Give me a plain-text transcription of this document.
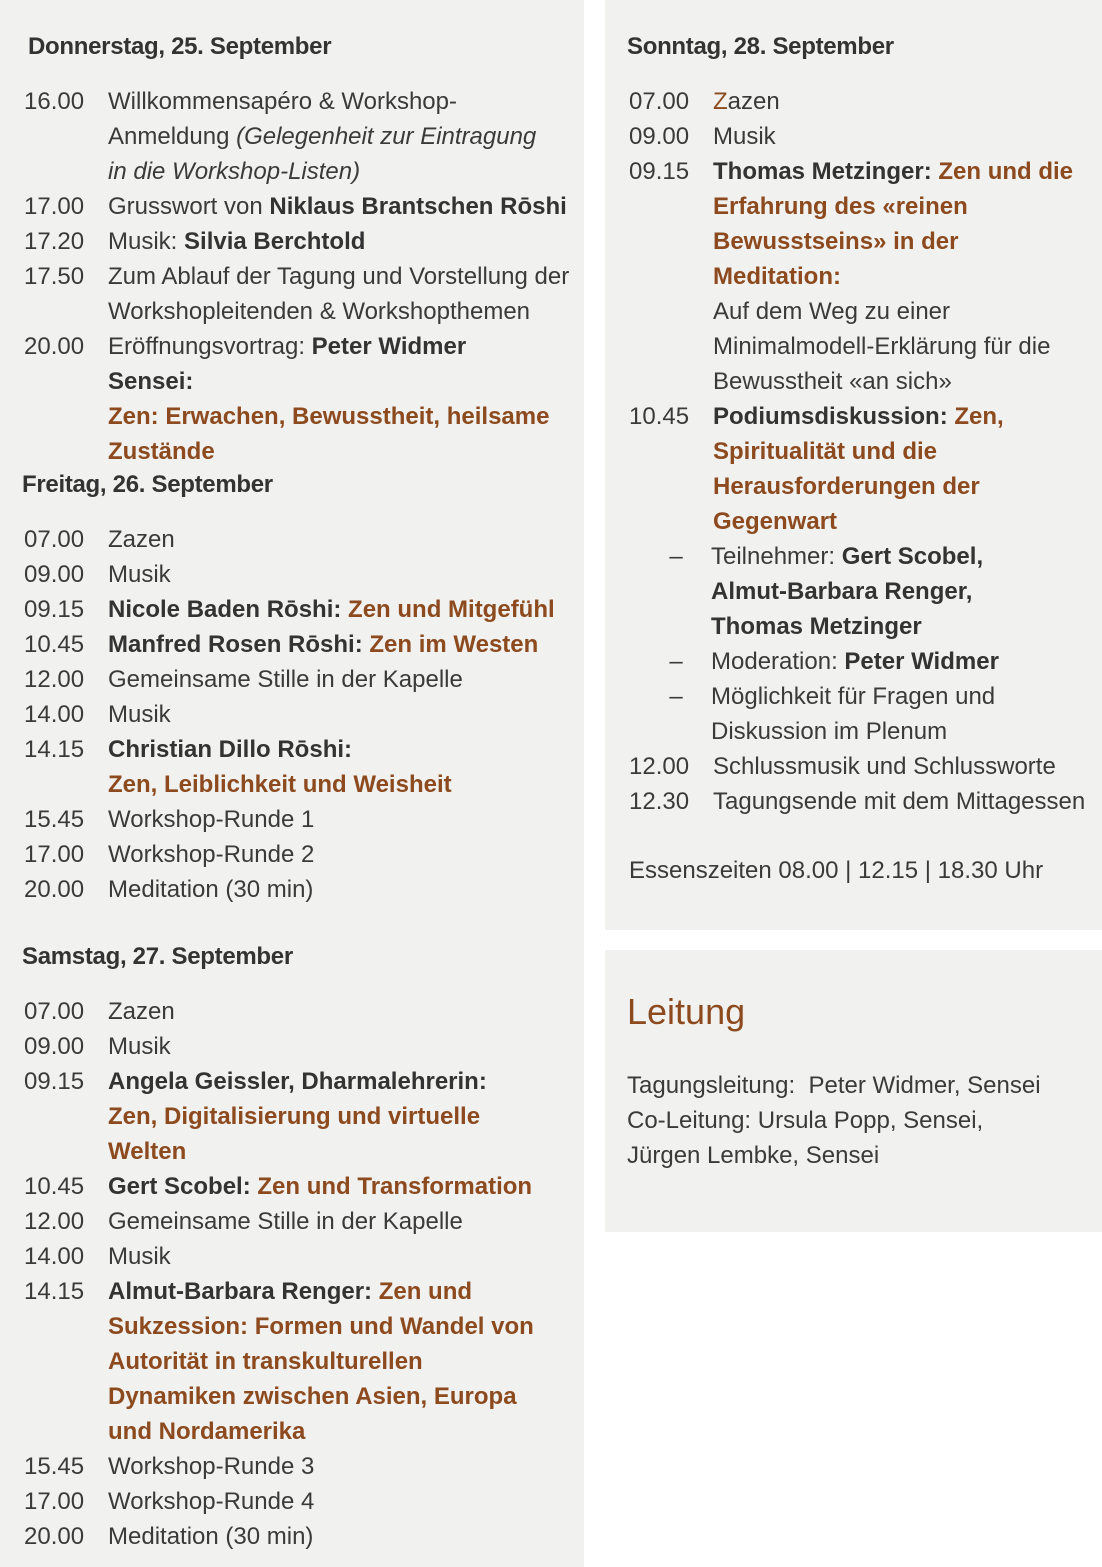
Donnerstag, 25. September
16.00 Willkommensapéro & Workshop-Anmeldung (Gelegenheit zur Eintragung in die Workshop-Listen)
17.00 Grusswort von Niklaus Brantschen Rōshi
17.20 Musik: Silvia Berchtold
17.50 Zum Ablauf der Tagung und Vorstellung der Workshopleitenden & Workshopthemen
20.00 Eröffnungsvortrag: Peter Widmer Sensei:
Zen: Erwachen, Bewusstheit, heilsame Zustände
Freitag, 26. September
07.00 Zazen
09.00 Musik
09.15 Nicole Baden Rōshi: Zen und Mitgefühl
10.45 Manfred Rosen Rōshi: Zen im Westen
12.00 Gemeinsame Stille in der Kapelle
14.00 Musik
14.15 Christian Dillo Rōshi:
Zen, Leiblichkeit und Weisheit
15.45 Workshop-Runde 1
17.00 Workshop-Runde 2
20.00 Meditation (30 min)
Samstag, 27. September
07.00 Zazen
09.00 Musik
09.15 Angela Geissler, Dharmalehrerin:
Zen, Digitalisierung und virtuelle Welten
10.45 Gert Scobel: Zen und Transformation
12.00 Gemeinsame Stille in der Kapelle
14.00 Musik
14.15 Almut-Barbara Renger: Zen und Sukzession: Formen und Wandel von Autorität in transkulturellen Dynamiken zwischen Asien, Europa und Nordamerika
15.45 Workshop-Runde 3
17.00 Workshop-Runde 4
20.00 Meditation (30 min)
Sonntag, 28. September
07.00 Zazen
09.00 Musik
09.15 Thomas Metzinger: Zen und die Erfahrung des «reinen Bewusstseins» in der Meditation:
Auf dem Weg zu einer Minimalmodell-Erklärung für die Bewusstheit «an sich»
10.45 Podiumsdiskussion: Zen, Spiritualität und die Herausforderungen der Gegenwart
–	Teilnehmer: Gert Scobel, Almut-Barbara Renger, Thomas Metzinger
–	Moderation: Peter Widmer
–	Möglichkeit für Fragen und Diskussion im Plenum
12.00 Schlussmusik und Schlussworte
12.30 Tagungsende mit dem Mittagessen
Essenszeiten 08.00 | 12.15 | 18.30 Uhr
Leitung
Tagungsleitung:  Peter Widmer, Sensei
Co-Leitung: Ursula Popp, Sensei,
Jürgen Lembke, Sensei
